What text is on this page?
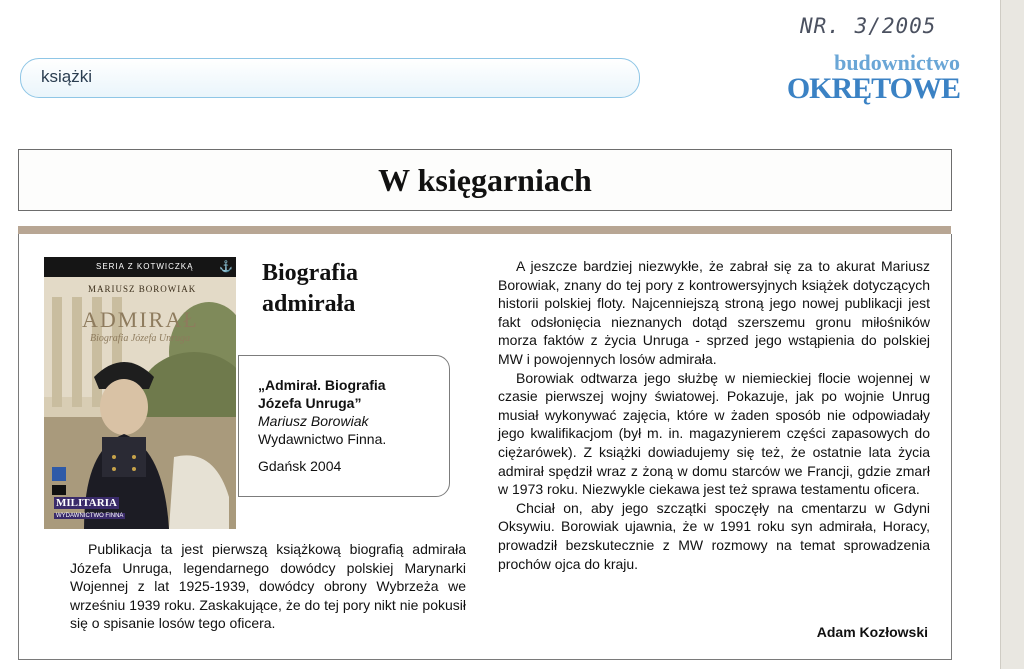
NR. 3/2005
budownictwo
OKRĘTOWE
książki
W księgarniach
SERIA Z KOTWICZKĄ ⚓
MARIUSZ BOROWIAK
ADMIRAŁ
Biografia Józefa Unruga
MILITARIA
WYDAWNICTWO FINNA
Biografia
admirała
„Admirał. Biografia
Józefa Unruga”
Mariusz Borowiak
Wydawnictwo Finna.
Gdańsk 2004
Publikacja ta jest pierwszą książkową biografią admirała Józefa Unruga, legendarnego dowódcy polskiej Marynarki Wojennej z lat 1925-1939, dowódcy obrony Wybrzeża we wrześniu 1939 roku. Zaskakujące, że do tej pory nikt nie pokusił się o spisanie losów tego oficera.

A jeszcze bardziej niezwykłe, że zabrał się za to akurat Mariusz Borowiak, znany do tej pory z kontrowersyjnych książek dotyczących historii polskiej floty. Najcenniejszą stroną jego nowej publikacji jest fakt odsłonięcia nieznanych dotąd szerszemu gronu miłośników morza faktów z życia Unruga - sprzed jego wstąpienia do polskiej MW i powojennych losów admirała.

Borowiak odtwarza jego służbę w niemieckiej flocie wojennej w czasie pierwszej wojny światowej. Pokazuje, jak po wojnie Unrug musiał wykonywać zajęcia, które w żaden sposób nie odpowiadały jego kwalifikacjom (był m. in. magazynierem części zapasowych do ciężarówek). Z książki dowiadujemy się też, że ostatnie lata życia admirał spędził wraz z żoną w domu starców we Francji, gdzie zmarł w 1973 roku. Niezwykle ciekawa jest też sprawa testamentu oficera.

Chciał on, aby jego szczątki spoczęły na cmentarzu w Gdyni Oksywiu. Borowiak ujawnia, że w 1991 roku syn admirała, Horacy, prowadził bezskutecznie z MW rozmowy na temat sprowadzenia prochów ojca do kraju.

Adam Kozłowski
